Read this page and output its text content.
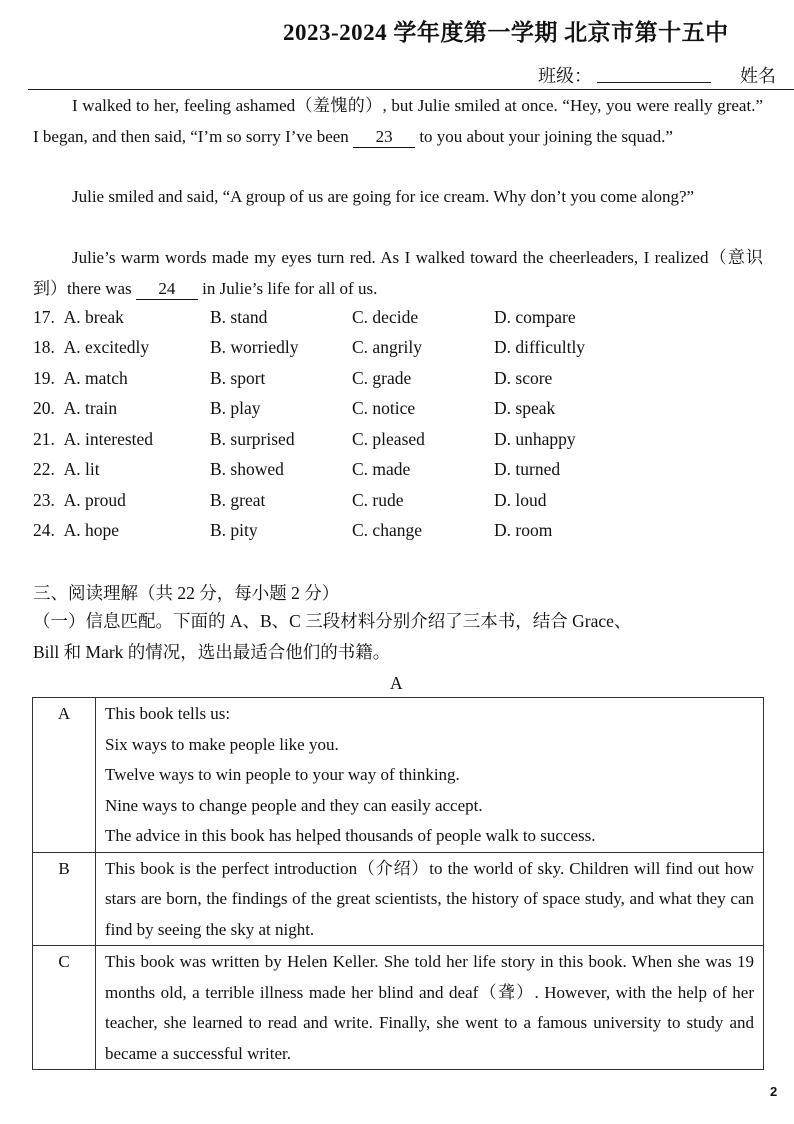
2023-2024 学年度第一学期 北京市第十五中
班级：	姓名
I walked to her, feeling ashamed（羞愧的）, but Julie smiled at once. “Hey, you were really great.” I began, and then said, “I’m so sorry I’ve been 23 to you about your joining the squad.”
Julie smiled and said, “A group of us are going for ice cream. Why don’t you come along?”
Julie’s warm words made my eyes turn red. As I walked toward the cheerleaders, I realized（意识到）there was 24 in Julie’s life for all of us.
17. A. break	B. stand	C. decide	D. compare
18. A. excitedly	B. worriedly	C. angrily	D. difficultly
19. A. match	B. sport	C. grade	D. score
20. A. train	B. play	C. notice	D. speak
21. A. interested	B. surprised	C. pleased	D. unhappy
22. A. lit	B. showed	C. made	D. turned
23. A. proud	B. great	C. rude	D. loud
24. A. hope	B. pity	C. change	D. room
三、阅读理解（共 22 分，每小题 2 分）
（一）信息匹配。下面的 A、B、C 三段材料分别介绍了三本书，结合 Grace、
Bill 和 Mark 的情况，选出最适合他们的书籍。
A
A	This book tells us:
Six ways to make people like you.
Twelve ways to win people to your way of thinking.
Nine ways to change people and they can easily accept.
The advice in this book has helped thousands of people walk to success.

B	This book is the perfect introduction（介绍）to the world of sky. Children will find out how stars are born, the findings of the great scientists, the history of space study, and what they can find by seeing the sky at night.
C	This book was written by Helen Keller. She told her life story in this book. When she was 19 months old, a terrible illness made her blind and deaf（聋）. However, with the help of her teacher, she learned to read and write. Finally, she went to a famous university to study and became a successful writer.
2
